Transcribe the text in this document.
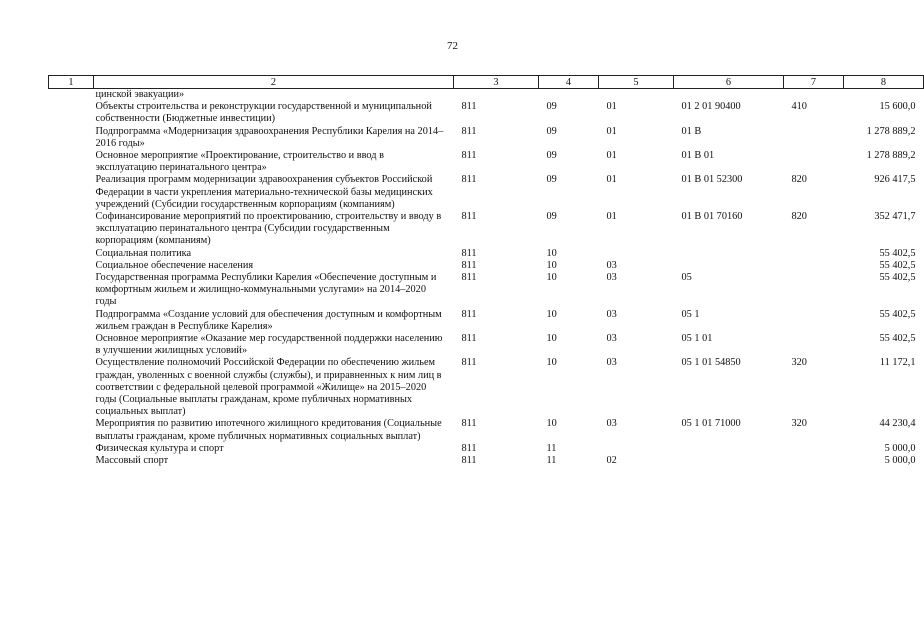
72
1	2	3	4	5	6	7	8
	цинской эвакуации»						
	Объекты строительства и реконструкции государственной и муниципальной собственности (Бюджетные инвестиции)	811	09	01	01 2 01 90400	410	15 600,0
	Подпрограмма «Модернизация здравоохранения Республики Карелия на 2014–2016 годы»	811	09	01	01 В		1 278 889,2
	Основное мероприятие «Проектирование, строительство и ввод в эксплуатацию перинатального центра»	811	09	01	01 В 01		1 278 889,2
	Реализация программ модернизации здравоохранения субъектов Российской Федерации в части укрепления материально-технической базы медицинских учреждений (Субсидии государственным корпорациям (компаниям)	811	09	01	01 В 01 52300	820	926 417,5
	Софинансирование мероприятий по проектированию, строительству и вводу в эксплуатацию перинатального центра (Субсидии государственным корпорациям (компаниям)	811	09	01	01 В 01 70160	820	352 471,7
	Социальная политика	811	10				55 402,5
	Социальное обеспечение населения	811	10	03			55 402,5
	Государственная программа Республики Карелия «Обеспечение доступным и комфортным жильем и жилищно-коммунальными услугами» на 2014–2020 годы	811	10	03	05		55 402,5
	Подпрограмма «Создание условий для обеспечения доступным и комфортным жильем граждан в Республике Карелия»	811	10	03	05 1		55 402,5
	Основное мероприятие «Оказание мер государственной поддержки населению в улучшении жилищных условий»	811	10	03	05 1 01		55 402,5
	Осуществление полномочий Российской Федерации по обеспечению жильем граждан, уволенных с военной службы (службы), и приравненных к ним лиц в соответствии с федеральной целевой программой «Жилище» на 2015–2020 годы (Социальные выплаты гражданам, кроме публичных нормативных социальных выплат)	811	10	03	05 1 01 54850	320	11 172,1
	Мероприятия по развитию ипотечного жилищного кредитования (Социальные выплаты гражданам, кроме публичных нормативных социальных выплат)	811	10	03	05 1 01 71000	320	44 230,4
	Физическая культура и спорт	811	11				5 000,0
	Массовый спорт	811	11	02			5 000,0
